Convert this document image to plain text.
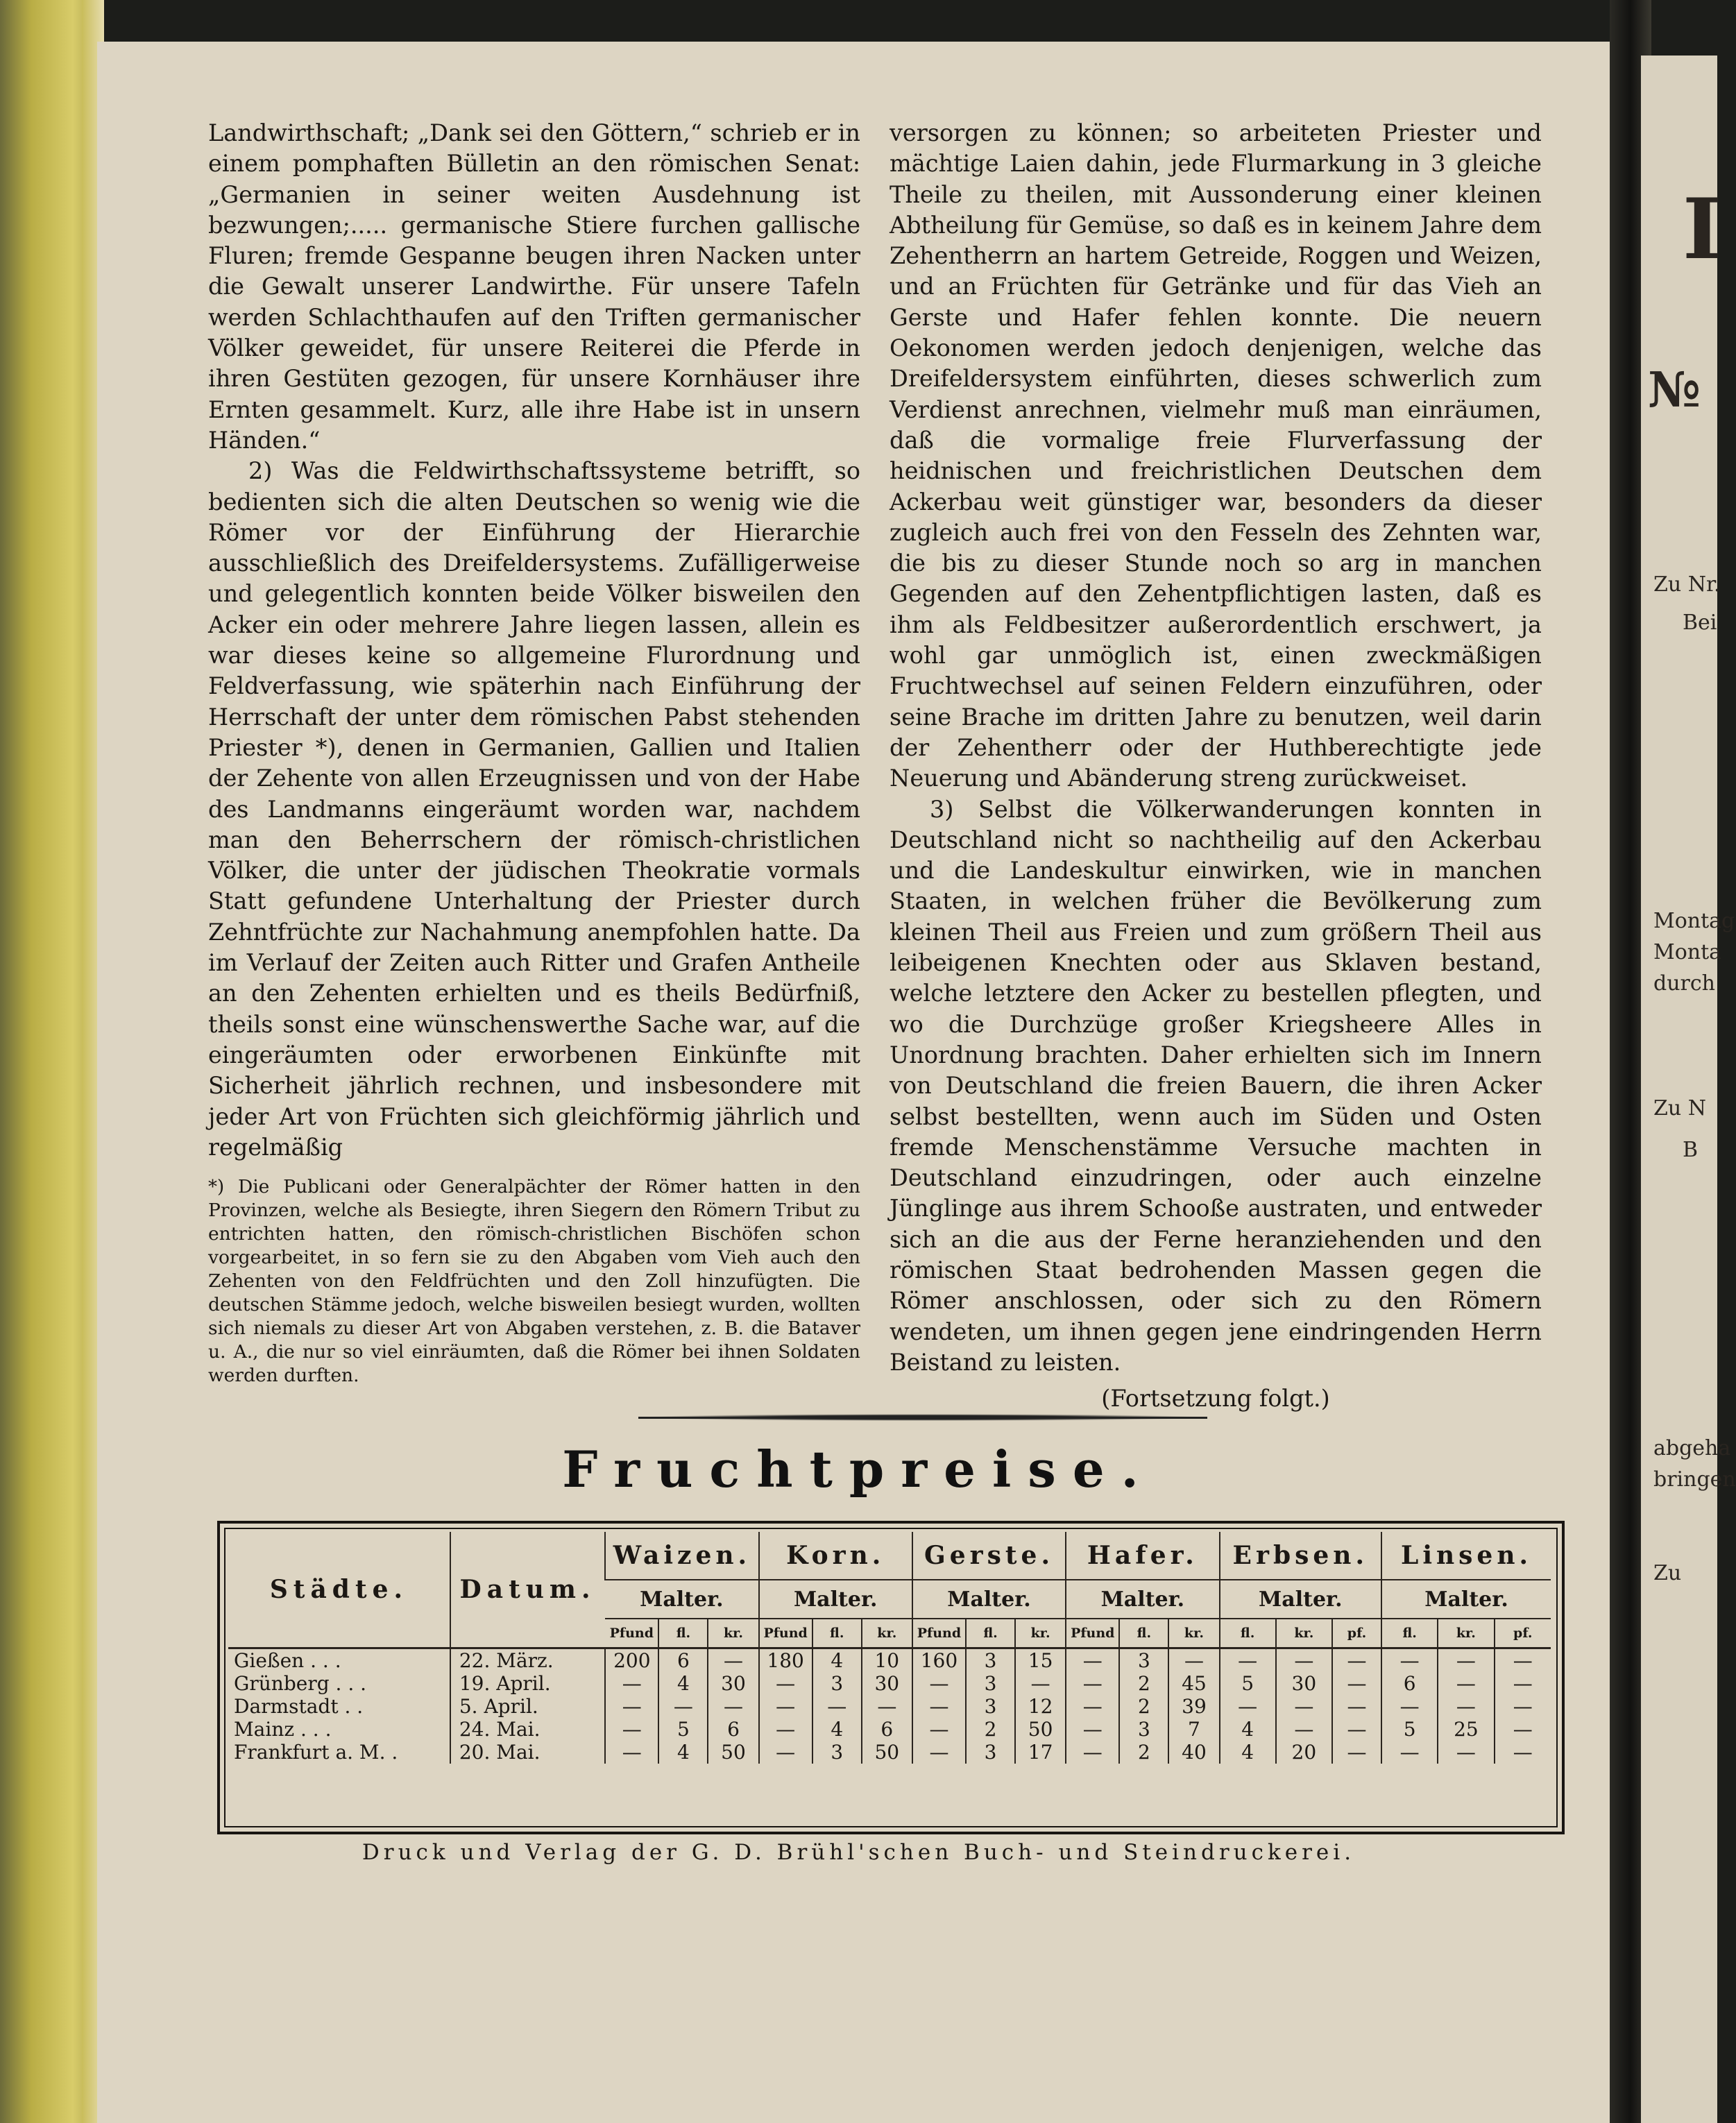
I
№
Zu Nr.
Bei
Montag
Monta
durch
Zu N
B
abgeha
bringen
Zu

Landwirthschaft; „Dank sei den Göttern,“ schrieb er in einem pomphaften Bülletin an den römischen Senat: „Germanien in seiner weiten Ausdehnung ist bezwungen;..... germanische Stiere furchen gallische Fluren; fremde Gespanne beugen ihren Nacken unter die Gewalt unserer Landwirthe. Für unsere Tafeln werden Schlachthaufen auf den Triften germanischer Völker geweidet, für unsere Reiterei die Pferde in ihren Gestüten gezogen, für unsere Kornhäuser ihre Ernten gesammelt. Kurz, alle ihre Habe ist in unsern Händen.“

2) Was die Feldwirthschaftssysteme betrifft, so bedienten sich die alten Deutschen so wenig wie die Römer vor der Einführung der Hierarchie ausschließlich des Dreifeldersystems. Zufälligerweise und gelegentlich konnten beide Völker bisweilen den Acker ein oder mehrere Jahre liegen lassen, allein es war dieses keine so allgemeine Flurordnung und Feldverfassung, wie späterhin nach Einführung der Herrschaft der unter dem römischen Pabst stehenden Priester *), denen in Germanien, Gallien und Italien der Zehente von allen Erzeugnissen und von der Habe des Landmanns eingeräumt worden war, nachdem man den Beherrschern der römisch-christlichen Völker, die unter der jüdischen Theokratie vormals Statt gefundene Unterhaltung der Priester durch Zehntfrüchte zur Nachahmung anempfohlen hatte. Da im Verlauf der Zeiten auch Ritter und Grafen Antheile an den Zehenten erhielten und es theils Bedürfniß, theils sonst eine wünschenswerthe Sache war, auf die eingeräumten oder erworbenen Einkünfte mit Sicherheit jährlich rechnen, und insbesondere mit jeder Art von Früchten sich gleichförmig jährlich und regelmäßig

*) Die Publicani oder Generalpächter der Römer hatten in den Provinzen, welche als Besiegte, ihren Siegern den Römern Tribut zu entrichten hatten, den römisch-christlichen Bischöfen schon vorgearbeitet, in so fern sie zu den Abgaben vom Vieh auch den Zehenten von den Feldfrüchten und den Zoll hinzufügten. Die deutschen Stämme jedoch, welche bisweilen besiegt wurden, wollten sich niemals zu dieser Art von Abgaben verstehen, z. B. die Bataver u. A., die nur so viel einräumten, daß die Römer bei ihnen Soldaten werden durften.

versorgen zu können; so arbeiteten Priester und mächtige Laien dahin, jede Flurmarkung in 3 gleiche Theile zu theilen, mit Aussonderung einer kleinen Abtheilung für Gemüse, so daß es in keinem Jahre dem Zehentherrn an hartem Getreide, Roggen und Weizen, und an Früchten für Getränke und für das Vieh an Gerste und Hafer fehlen konnte. Die neuern Oekonomen werden jedoch denjenigen, welche das Dreifeldersystem einführten, dieses schwerlich zum Verdienst anrechnen, vielmehr muß man einräumen, daß die vormalige freie Flurverfassung der heidnischen und freichristlichen Deutschen dem Ackerbau weit günstiger war, besonders da dieser zugleich auch frei von den Fesseln des Zehnten war, die bis zu dieser Stunde noch so arg in manchen Gegenden auf den Zehentpflichtigen lasten, daß es ihm als Feldbesitzer außerordentlich erschwert, ja wohl gar unmöglich ist, einen zweckmäßigen Fruchtwechsel auf seinen Feldern einzuführen, oder seine Brache im dritten Jahre zu benutzen, weil darin der Zehentherr oder der Huthberechtigte jede Neuerung und Abänderung streng zurückweiset.

3) Selbst die Völkerwanderungen konnten in Deutschland nicht so nachtheilig auf den Ackerbau und die Landeskultur einwirken, wie in manchen Staaten, in welchen früher die Bevölkerung zum kleinen Theil aus Freien und zum größern Theil aus leibeigenen Knechten oder aus Sklaven bestand, welche letztere den Acker zu bestellen pflegten, und wo die Durchzüge großer Kriegsheere Alles in Unordnung brachten. Daher erhielten sich im Innern von Deutschland die freien Bauern, die ihren Acker selbst bestellten, wenn auch im Süden und Osten fremde Menschenstämme Versuche machten in Deutschland einzudringen, oder auch einzelne Jünglinge aus ihrem Schooße austraten, und entweder sich an die aus der Ferne heranziehenden und den römischen Staat bedrohenden Massen gegen die Römer anschlossen, oder sich zu den Römern wendeten, um ihnen gegen jene eindringenden Herrn Beistand zu leisten.

(Fortsetzung folgt.)
Fruchtpreise.
Städte.	Datum.	Waizen.			Korn.			Gerste.			Hafer.			Erbsen.			Linsen.		
		Malter.			Malter.			Malter.			Malter.			Malter.			Malter.		
		Pfund	fl.	kr.	Pfund	fl.	kr.	Pfund	fl.	kr.	Pfund	fl.	kr.	fl.	kr.	pf.	fl.	kr.	pf.
Gießen . . .	22. März.	200	6	—	180	4	10	160	3	15	—	3	—	—	—	—	—	—	—
Grünberg . . .	19. April.	—	4	30	—	3	30	—	3	—	—	2	45	5	30	—	6	—	—
Darmstadt . .	5. April.	—	—	—	—	—	—	—	3	12	—	2	39	—	—	—	—	—	—
Mainz . . .	24. Mai.	—	5	6	—	4	6	—	2	50	—	3	7	4	—	—	5	25	—
Frankfurt a. M. .	20. Mai.	—	4	50	—	3	50	—	3	17	—	2	40	4	20	—	—	—	—
Druck und Verlag der G. D. Brühl'schen Buch- und Steindruckerei.
